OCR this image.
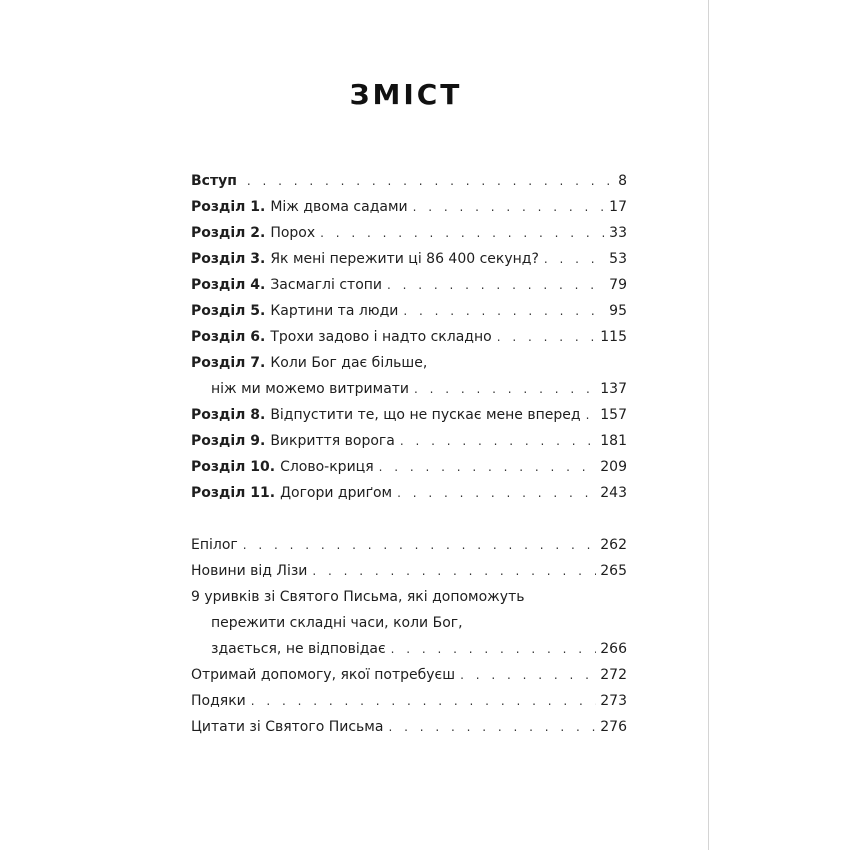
ЗМІСТ
Вступ . . .	8
Розділ 1. Між двома садами . . .	17
Розділ 2. Порох . . .	33
Розділ 3. Як мені пережити ці 86 400 секунд? . . .	53
Розділ 4. Засмаглі стопи . . .	79
Розділ 5. Картини та люди . . .	95
Розділ 6. Трохи задово і надто складно . . .	115
Розділ 7. Коли Бог дає більше,
ніж ми можемо витримати . . .	137
Розділ 8. Відпустити те, що не пускає мене вперед . . . 157
Розділ 9. Викриття ворога . . .	181
Розділ 10. Слово-криця . . .	209
Розділ 11. Догори дриґом . . .	243
Епілог . . .	262
Новини від Лізи . . .	265
9 уривків зі Святого Письма, які допоможуть
пережити складні часи, коли Бог,
здається, не відповідає . . .	266
Отримай допомогу, якої потребуєш . . .	272
Подяки . . .	273
Цитати зі Святого Письма . . .	276
